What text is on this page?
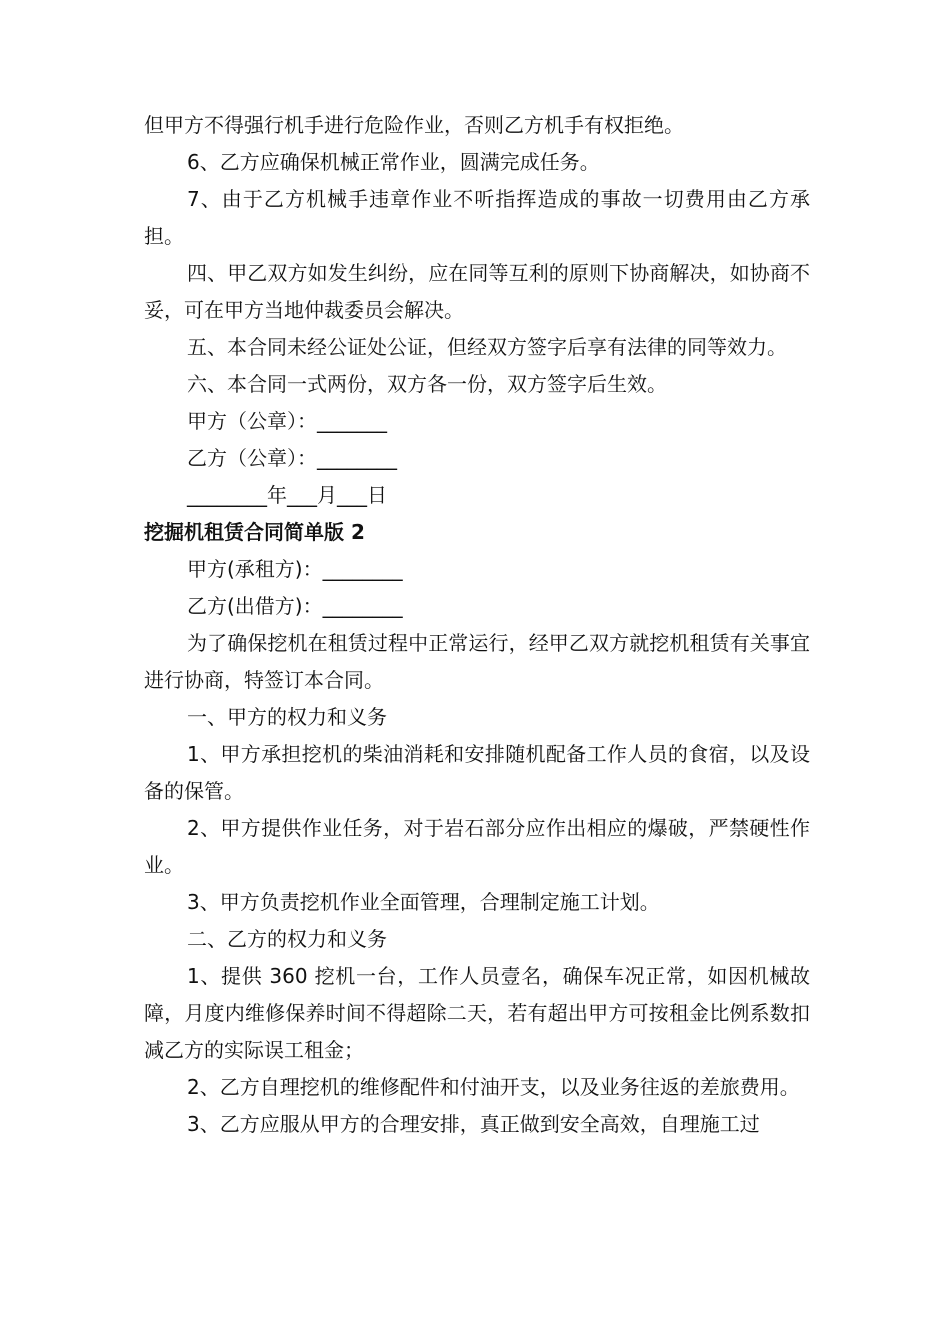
但甲方不得强行机手进行危险作业，否则乙方机手有权拒绝。

6、乙方应确保机械正常作业，圆满完成任务。

7、由于乙方机械手违章作业不听指挥造成的事故一切费用由乙方承担。

四、甲乙双方如发生纠纷，应在同等互利的原则下协商解决，如协商不妥，可在甲方当地仲裁委员会解决。

五、本合同未经公证处公证，但经双方签字后享有法律的同等效力。

六、本合同一式两份，双方各一份，双方签字后生效。

甲方（公章）：_______

乙方（公章）：________

________年___月___日

挖掘机租赁合同简单版 2

甲方(承租方)：________

乙方(出借方)：________

为了确保挖机在租赁过程中正常运行，经甲乙双方就挖机租赁有关事宜进行协商，特签订本合同。

一、甲方的权力和义务

1、甲方承担挖机的柴油消耗和安排随机配备工作人员的食宿，以及设备的保管。

2、甲方提供作业任务，对于岩石部分应作出相应的爆破，严禁硬性作业。

3、甲方负责挖机作业全面管理，合理制定施工计划。

二、乙方的权力和义务

1、提供 360 挖机一台，工作人员壹名，确保车况正常，如因机械故障，月度内维修保养时间不得超除二天，若有超出甲方可按租金比例系数扣减乙方的实际误工租金；

2、乙方自理挖机的维修配件和付油开支，以及业务往返的差旅费用。

3、乙方应服从甲方的合理安排，真正做到安全高效，自理施工过
